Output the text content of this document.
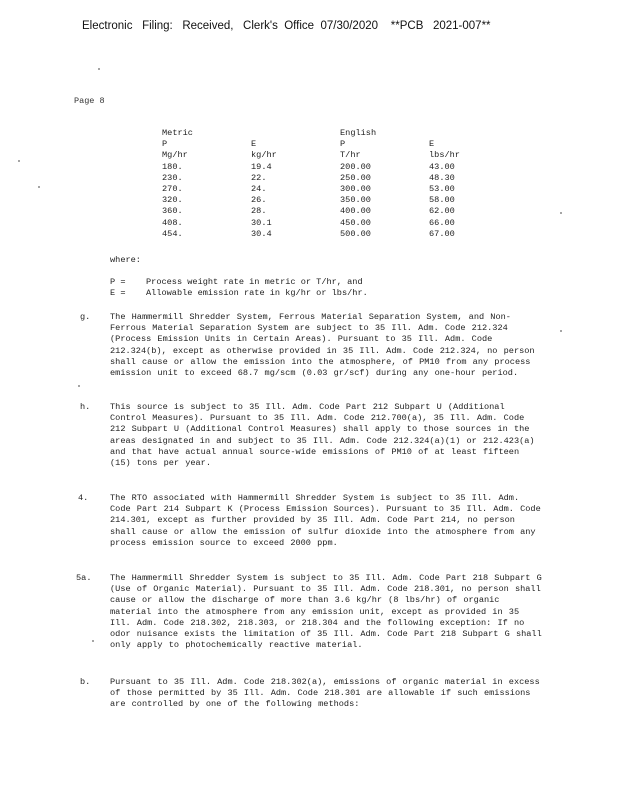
Electronic   Filing:   Received,   Clerk's  Office  07/30/2020    **PCB   2021-007**
Page 8
Metric	English
P	E	P	E
Mg/hr	kg/hr	T/hr	lbs/hr
180.	19.4	200.00	43.00
230.	22.	250.00	48.30
270.	24.	300.00	53.00
320.	26.	350.00	58.00
360.	28.	400.00	62.00
408.	30.1	450.00	66.00
454.	30.4	500.00	67.00
where:
P = Process weight rate in metric or T/hr, and
E = Allowable emission rate in kg/hr or lbs/hr.
g. The Hammermill Shredder System, Ferrous Material Separation System, and Non-Ferrous Material Separation System are subject to 35 Ill. Adm. Code 212.324 (Process Emission Units in Certain Areas). Pursuant to 35 Ill. Adm. Code 212.324(b), except as otherwise provided in 35 Ill. Adm. Code 212.324, no person shall cause or allow the emission into the atmosphere, of PM10 from any process emission unit to exceed 68.7 mg/scm (0.03 gr/scf) during any one-hour period.
h. This source is subject to 35 Ill. Adm. Code Part 212 Subpart U (Additional Control Measures). Pursuant to 35 Ill. Adm. Code 212.700(a), 35 Ill. Adm. Code 212 Subpart U (Additional Control Measures) shall apply to those sources in the areas designated in and subject to 35 Ill. Adm. Code 212.324(a)(1) or 212.423(a) and that have actual annual source-wide emissions of PM10 of at least fifteen (15) tons per year.
4.	The RTO associated with Hammermill Shredder System is subject to 35 Ill. Adm. Code Part 214 Subpart K (Process Emission Sources). Pursuant to 35 Ill. Adm. Code 214.301, except as further provided by 35 Ill. Adm. Code Part 214, no person shall cause or allow the emission of sulfur dioxide into the atmosphere from any process emission source to exceed 2000 ppm.
5a. The Hammermill Shredder System is subject to 35 Ill. Adm. Code Part 218 Subpart G (Use of Organic Material). Pursuant to 35 Ill. Adm. Code 218.301, no person shall cause or allow the discharge of more than 3.6 kg/hr (8 lbs/hr) of organic material into the atmosphere from any emission unit, except as provided in 35 Ill. Adm. Code 218.302, 218.303, or 218.304 and the following exception: If no odor nuisance exists the limitation of 35 Ill. Adm. Code Part 218 Subpart G shall only apply to photochemically reactive material.
b. Pursuant to 35 Ill. Adm. Code 218.302(a), emissions of organic material in excess of those permitted by 35 Ill. Adm. Code 218.301 are allowable if such emissions are controlled by one of the following methods:
